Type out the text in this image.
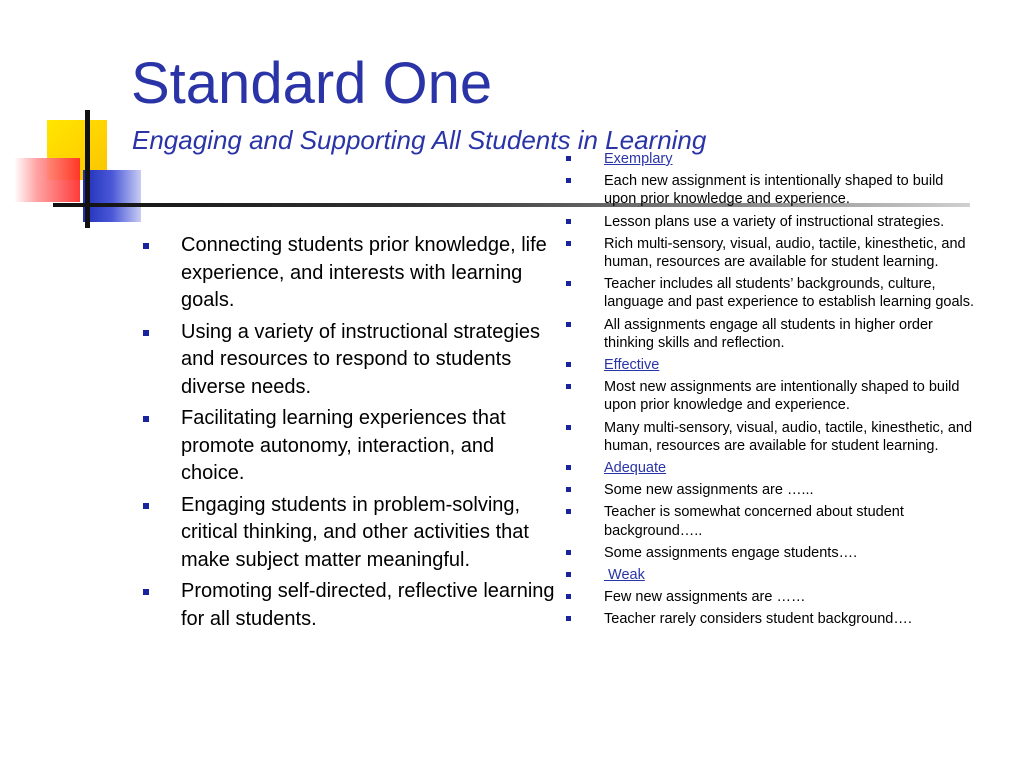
Standard One
Engaging and Supporting All Students in Learning
Connecting students prior knowledge, life experience, and interests with learning goals.
Using a variety of instructional strategies and resources to respond to students diverse needs.
Facilitating learning experiences that promote autonomy, interaction, and choice.
Engaging students in problem-solving, critical thinking, and other activities that make subject matter meaningful.
Promoting self-directed, reflective learning for all students.
Exemplary
Each new assignment is intentionally shaped to build upon prior knowledge and experience.
Lesson plans use a variety of instructional strategies.
Rich multi-sensory, visual, audio, tactile, kinesthetic, and human, resources are available for student learning.
Teacher includes all students’ backgrounds, culture, language and past experience to establish learning goals.
All assignments engage all students in higher order thinking skills and reflection.
Effective
Most new assignments are intentionally shaped to build upon prior knowledge and experience.
Many multi-sensory, visual, audio, tactile, kinesthetic, and human, resources are available for student learning.
Adequate
Some new assignments are …...
Teacher is somewhat concerned about student background…..
Some assignments engage students….
Weak
Few new assignments are ……
Teacher rarely considers student background….
